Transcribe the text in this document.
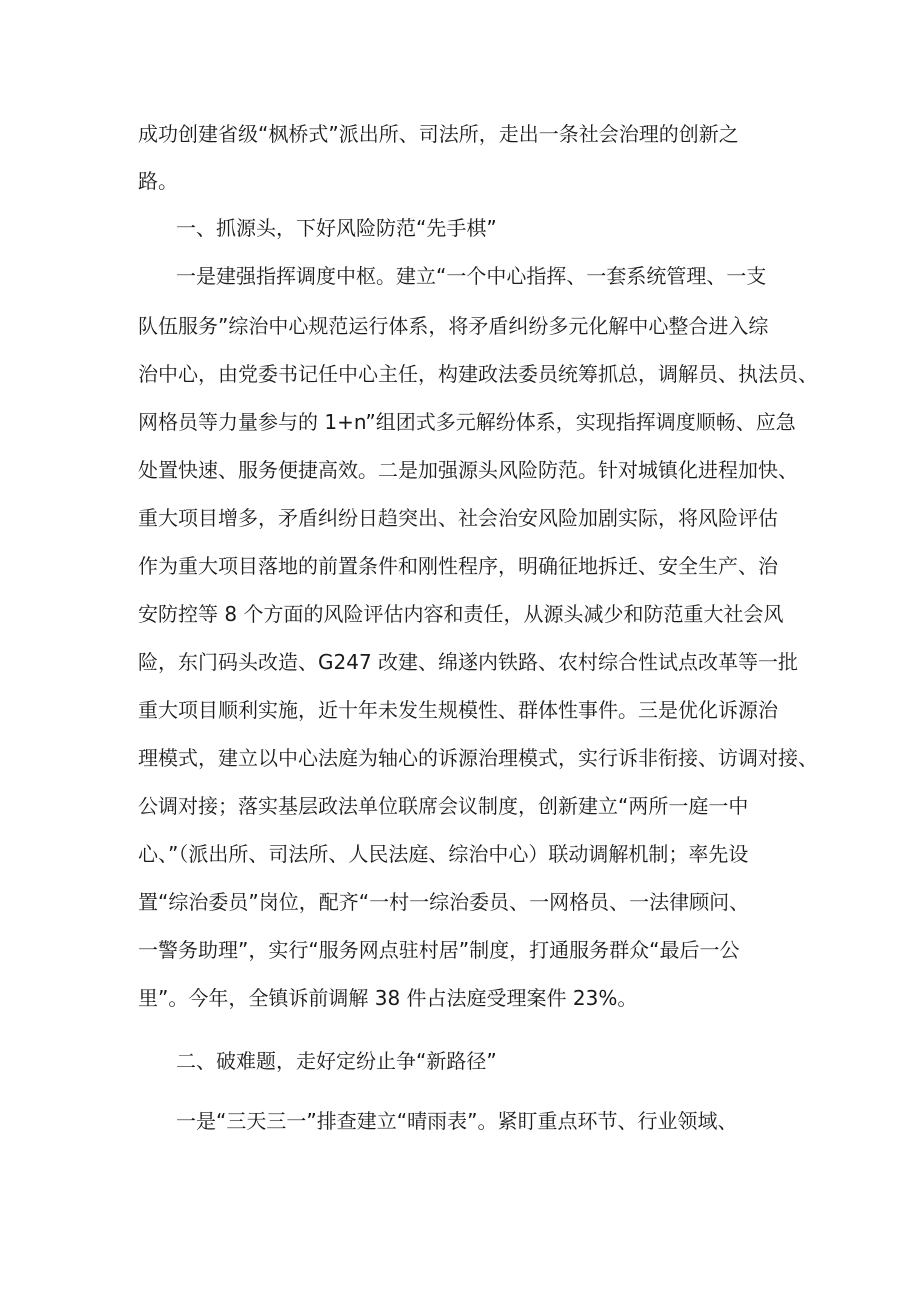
成功创建省级“枫桥式”派出所、司法所，走出一条社会治理的创新之
路。
一、抓源头，下好风险防范“先手棋”
一是建强指挥调度中枢。建立“一个中心指挥、一套系统管理、一支
队伍服务”综治中心规范运行体系，将矛盾纠纷多元化解中心整合进入综
治中心，由党委书记任中心主任，构建政法委员统筹抓总，调解员、执法员、
网格员等力量参与的 1+n”组团式多元解纷体系，实现指挥调度顺畅、应急
处置快速、服务便捷高效。二是加强源头风险防范。针对城镇化进程加快、
重大项目增多，矛盾纠纷日趋突出、社会治安风险加剧实际，将风险评估
作为重大项目落地的前置条件和刚性程序，明确征地拆迁、安全生产、治
安防控等 8 个方面的风险评估内容和责任，从源头减少和防范重大社会风
险，东门码头改造、G247 改建、绵遂内铁路、农村综合性试点改革等一批
重大项目顺利实施，近十年未发生规模性、群体性事件。三是优化诉源治
理模式，建立以中心法庭为轴心的诉源治理模式，实行诉非衔接、访调对接、
公调对接；落实基层政法单位联席会议制度，创新建立“两所一庭一中
心、”（派出所、司法所、人民法庭、综治中心）联动调解机制；率先设
置“综治委员”岗位，配齐“一村一综治委员、一网格员、一法律顾问、
一警务助理”，实行“服务网点驻村居”制度，打通服务群众“最后一公
里”。今年，全镇诉前调解 38 件占法庭受理案件 23%。
二、破难题，走好定纷止争“新路径”
一是“三天三一”排查建立“晴雨表”。紧盯重点环节、行业领域、
